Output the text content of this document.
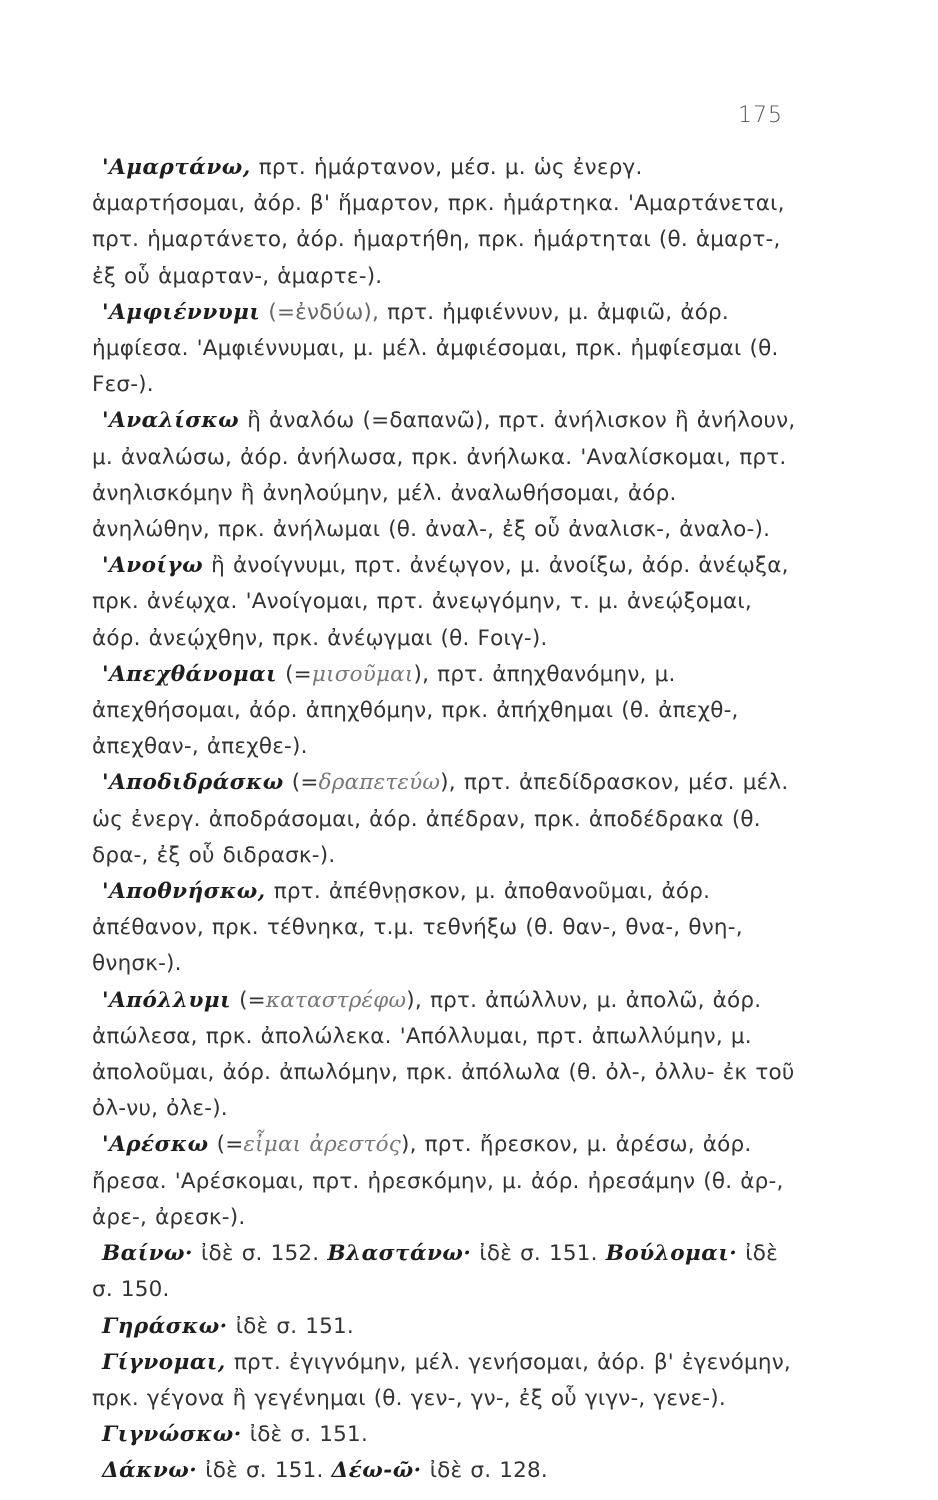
175

'Αμαρτάνω, πρτ. ἡμάρτανον, μέσ. μ. ὡς ἐνεργ. ἁμαρτήσομαι, ἀόρ. β' ἥμαρτον, πρκ. ἡμάρτηκα. 'Αμαρτάνεται, πρτ. ἡμαρτάνετο, ἀόρ. ἡμαρτήθη, πρκ. ἡμάρτηται (θ. ἁμαρτ-, ἐξ οὗ ἁμαρταν-, ἁμαρτε-).

'Αμφιέννυμι (=ἐνδύω), πρτ. ἠμφιέννυν, μ. ἀμφιῶ, ἀόρ. ἠμφίεσα. 'Αμφιέννυμαι, μ. μέλ. ἀμφιέσομαι, πρκ. ἠμφίεσμαι (θ. Fεσ-).

'Αναλίσκω ἢ ἀναλόω (=δαπανῶ), πρτ. ἀνήλισκον ἢ ἀνήλουν, μ. ἀναλώσω, ἀόρ. ἀνήλωσα, πρκ. ἀνήλωκα. 'Αναλίσκομαι, πρτ. ἀνηλισκόμην ἢ ἀνηλούμην, μέλ. ἀναλωθήσομαι, ἀόρ. ἀνηλώθην, πρκ. ἀνήλωμαι (θ. ἀναλ-, ἐξ οὗ ἀναλισκ-, ἀναλο-).

'Ανοίγω ἢ ἀνοίγνυμι, πρτ. ἀνέῳγον, μ. ἀνοίξω, ἀόρ. ἀνέῳξα, πρκ. ἀνέῳχα. 'Ανοίγομαι, πρτ. ἀνεῳγόμην, τ. μ. ἀνεῴξομαι, ἀόρ. ἀνεῴχθην, πρκ. ἀνέῳγμαι (θ. Fοιγ-).

'Απεχθάνομαι (=μισοῦμαι), πρτ. ἀπηχθανόμην, μ. ἀπεχθήσομαι, ἀόρ. ἀπηχθόμην, πρκ. ἀπήχθημαι (θ. ἀπεχθ-, ἀπεχθαν-, ἀπεχθε-).

'Αποδιδράσκω (=δραπετεύω), πρτ. ἀπεδίδρασκον, μέσ. μέλ. ὡς ἐνεργ. ἀποδράσομαι, ἀόρ. ἀπέδραν, πρκ. ἀποδέδρακα (θ. δρα-, ἐξ οὗ διδρασκ-).

'Αποθνήσκω, πρτ. ἀπέθνῃσκον, μ. ἀποθανοῦμαι, ἀόρ. ἀπέθανον, πρκ. τέθνηκα, τ.μ. τεθνήξω (θ. θαν-, θνα-, θνη-, θνησκ-).

'Απόλλυμι (=καταστρέφω), πρτ. ἀπώλλυν, μ. ἀπολῶ, ἀόρ. ἀπώλεσα, πρκ. ἀπολώλεκα. 'Απόλλυμαι, πρτ. ἀπωλλύμην, μ. ἀπολοῦμαι, ἀόρ. ἀπωλόμην, πρκ. ἀπόλωλα (θ. ὀλ-, ὀλλυ- ἐκ τοῦ ὀλ-νυ, ὀλε-).

'Αρέσκω (=εἶμαι ἀρεστός), πρτ. ἤρεσκον, μ. ἀρέσω, ἀόρ. ἤρεσα. 'Αρέσκομαι, πρτ. ἠρεσκόμην, μ. ἀόρ. ἠρεσάμην (θ. ἀρ-, ἀρε-, ἀρεσκ-).

Βαίνω· ἰδὲ σ. 152. Βλαστάνω· ἰδὲ σ. 151. Βούλομαι· ἰδὲ σ. 150.

Γηράσκω· ἰδὲ σ. 151.

Γίγνομαι, πρτ. ἐγιγνόμην, μέλ. γενήσομαι, ἀόρ. β' ἐγενόμην, πρκ. γέγονα ἢ γεγένημαι (θ. γεν-, γν-, ἐξ οὗ γιγν-, γενε-).

Γιγνώσκω· ἰδὲ σ. 151.

Δάκνω· ἰδὲ σ. 151. Δέω-ῶ· ἰδὲ σ. 128.
